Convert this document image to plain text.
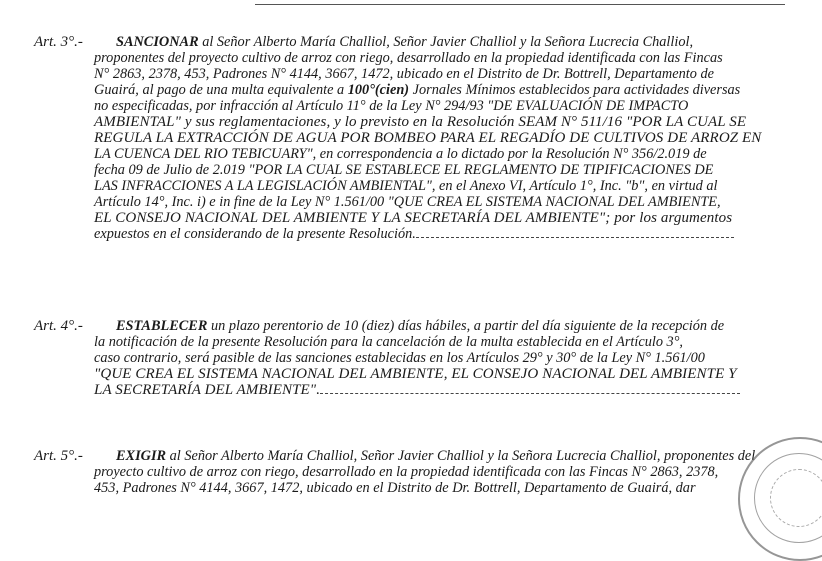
Art. 3°.- SANCIONAR al Señor Alberto María Challiol, Señor Javier Challiol y la Señora Lucrecia Challiol,
proponentes del proyecto cultivo de arroz con riego, desarrollado en la propiedad identificada con las Fincas
N° 2863, 2378, 453, Padrones N° 4144, 3667, 1472, ubicado en el Distrito de Dr. Bottrell, Departamento de
Guairá, al pago de una multa equivalente a 100°(cien) Jornales Mínimos establecidos para actividades diversas
no especificadas, por infracción al Artículo 11° de la Ley N° 294/93 "DE EVALUACIÓN DE IMPACTO
AMBIENTAL" y sus reglamentaciones, y lo previsto en la Resolución SEAM N° 511/16 "POR LA CUAL SE
REGULA LA EXTRACCIÓN DE AGUA POR BOMBEO PARA EL REGADÍO DE CULTIVOS DE ARROZ EN
LA CUENCA DEL RIO TEBICUARY", en correspondencia a lo dictado por la Resolución N° 356/2.019 de
fecha 09 de Julio de 2.019 "POR LA CUAL SE ESTABLECE EL REGLAMENTO DE TIPIFICACIONES DE
LAS INFRACCIONES A LA LEGISLACIÓN AMBIENTAL", en el Anexo VI, Artículo 1°, Inc. "b", en virtud al
Artículo 14°, Inc. i) e in fine de la Ley N° 1.561/00 "QUE CREA EL SISTEMA NACIONAL DEL AMBIENTE,
EL CONSEJO NACIONAL DEL AMBIENTE Y LA SECRETARÍA DEL AMBIENTE"; por los argumentos
expuestos en el considerando de la presente Resolución.
Art. 4°.- ESTABLECER un plazo perentorio de 10 (diez) días hábiles, a partir del día siguiente de la recepción de
la notificación de la presente Resolución para la cancelación de la multa establecida en el Artículo 3°,
caso contrario, será pasible de las sanciones establecidas en los Artículos 29° y 30° de la Ley N° 1.561/00
"QUE CREA EL SISTEMA NACIONAL DEL AMBIENTE, EL CONSEJO NACIONAL DEL AMBIENTE Y
LA SECRETARÍA DEL AMBIENTE".
Art. 5°.- EXIGIR al Señor Alberto María Challiol, Señor Javier Challiol y la Señora Lucrecia Challiol, proponentes del
proyecto cultivo de arroz con riego, desarrollado en la propiedad identificada con las Fincas N° 2863, 2378,
453, Padrones N° 4144, 3667, 1472, ubicado en el Distrito de Dr. Bottrell, Departamento de Guairá, dar
